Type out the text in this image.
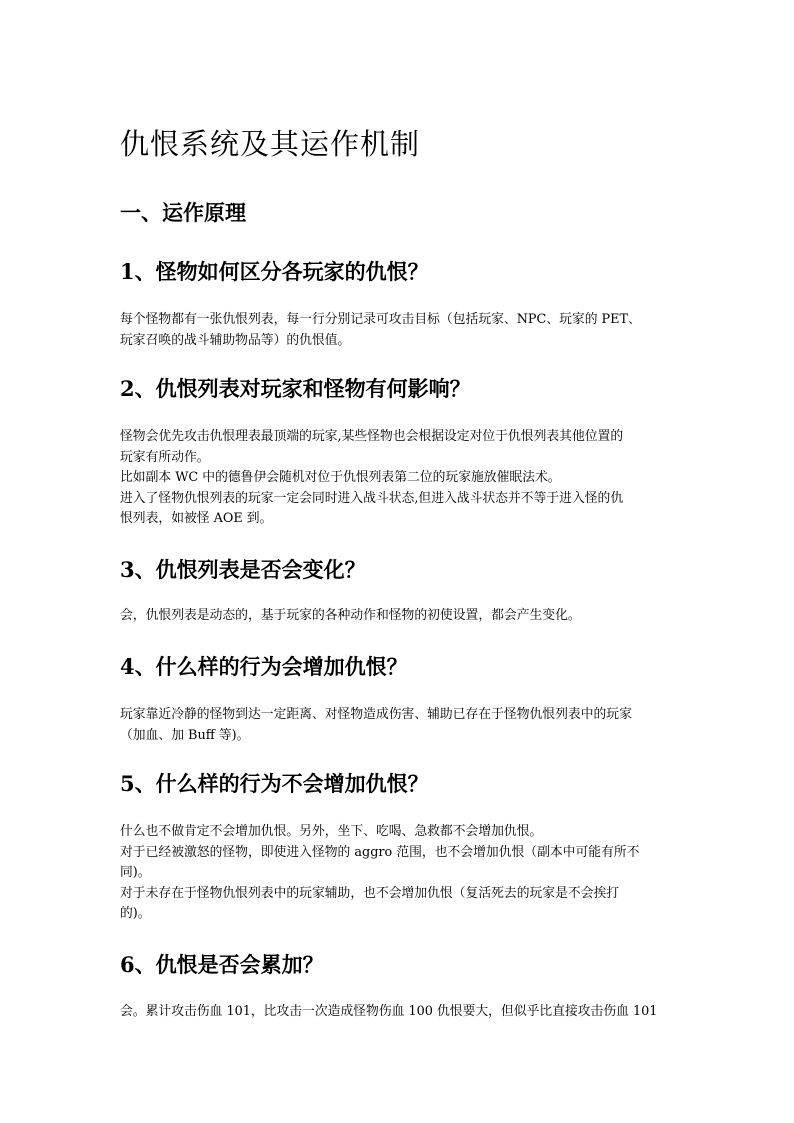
仇恨系统及其运作机制
一、运作原理
1、怪物如何区分各玩家的仇恨？
每个怪物都有一张仇恨列表，每一行分别记录可攻击目标（包括玩家、NPC、玩家的 PET、
玩家召唤的战斗辅助物品等）的仇恨值。
2、仇恨列表对玩家和怪物有何影响？
怪物会优先攻击仇恨理表最顶端的玩家,某些怪物也会根据设定对位于仇恨列表其他位置的
玩家有所动作。
比如副本 WC 中的德鲁伊会随机对位于仇恨列表第二位的玩家施放催眠法术。
进入了怪物仇恨列表的玩家一定会同时进入战斗状态,但进入战斗状态并不等于进入怪的仇
恨列表，如被怪 AOE 到。
3、仇恨列表是否会变化？
会，仇恨列表是动态的，基于玩家的各种动作和怪物的初使设置，都会产生变化。
4、什么样的行为会增加仇恨？
玩家靠近冷静的怪物到达一定距离、对怪物造成伤害、辅助已存在于怪物仇恨列表中的玩家
（加血、加 Buff 等)。
5、什么样的行为不会增加仇恨？
什么也不做肯定不会增加仇恨。另外，坐下、吃喝、急救都不会增加仇恨。
对于已经被激怒的怪物，即使进入怪物的 aggro 范围，也不会增加仇恨（副本中可能有所不
同)。
对于未存在于怪物仇恨列表中的玩家辅助，也不会增加仇恨（复活死去的玩家是不会挨打
的)。
6、仇恨是否会累加？
会。累计攻击伤血 101，比攻击一次造成怪物伤血 100 仇恨要大，但似乎比直接攻击伤血 101
